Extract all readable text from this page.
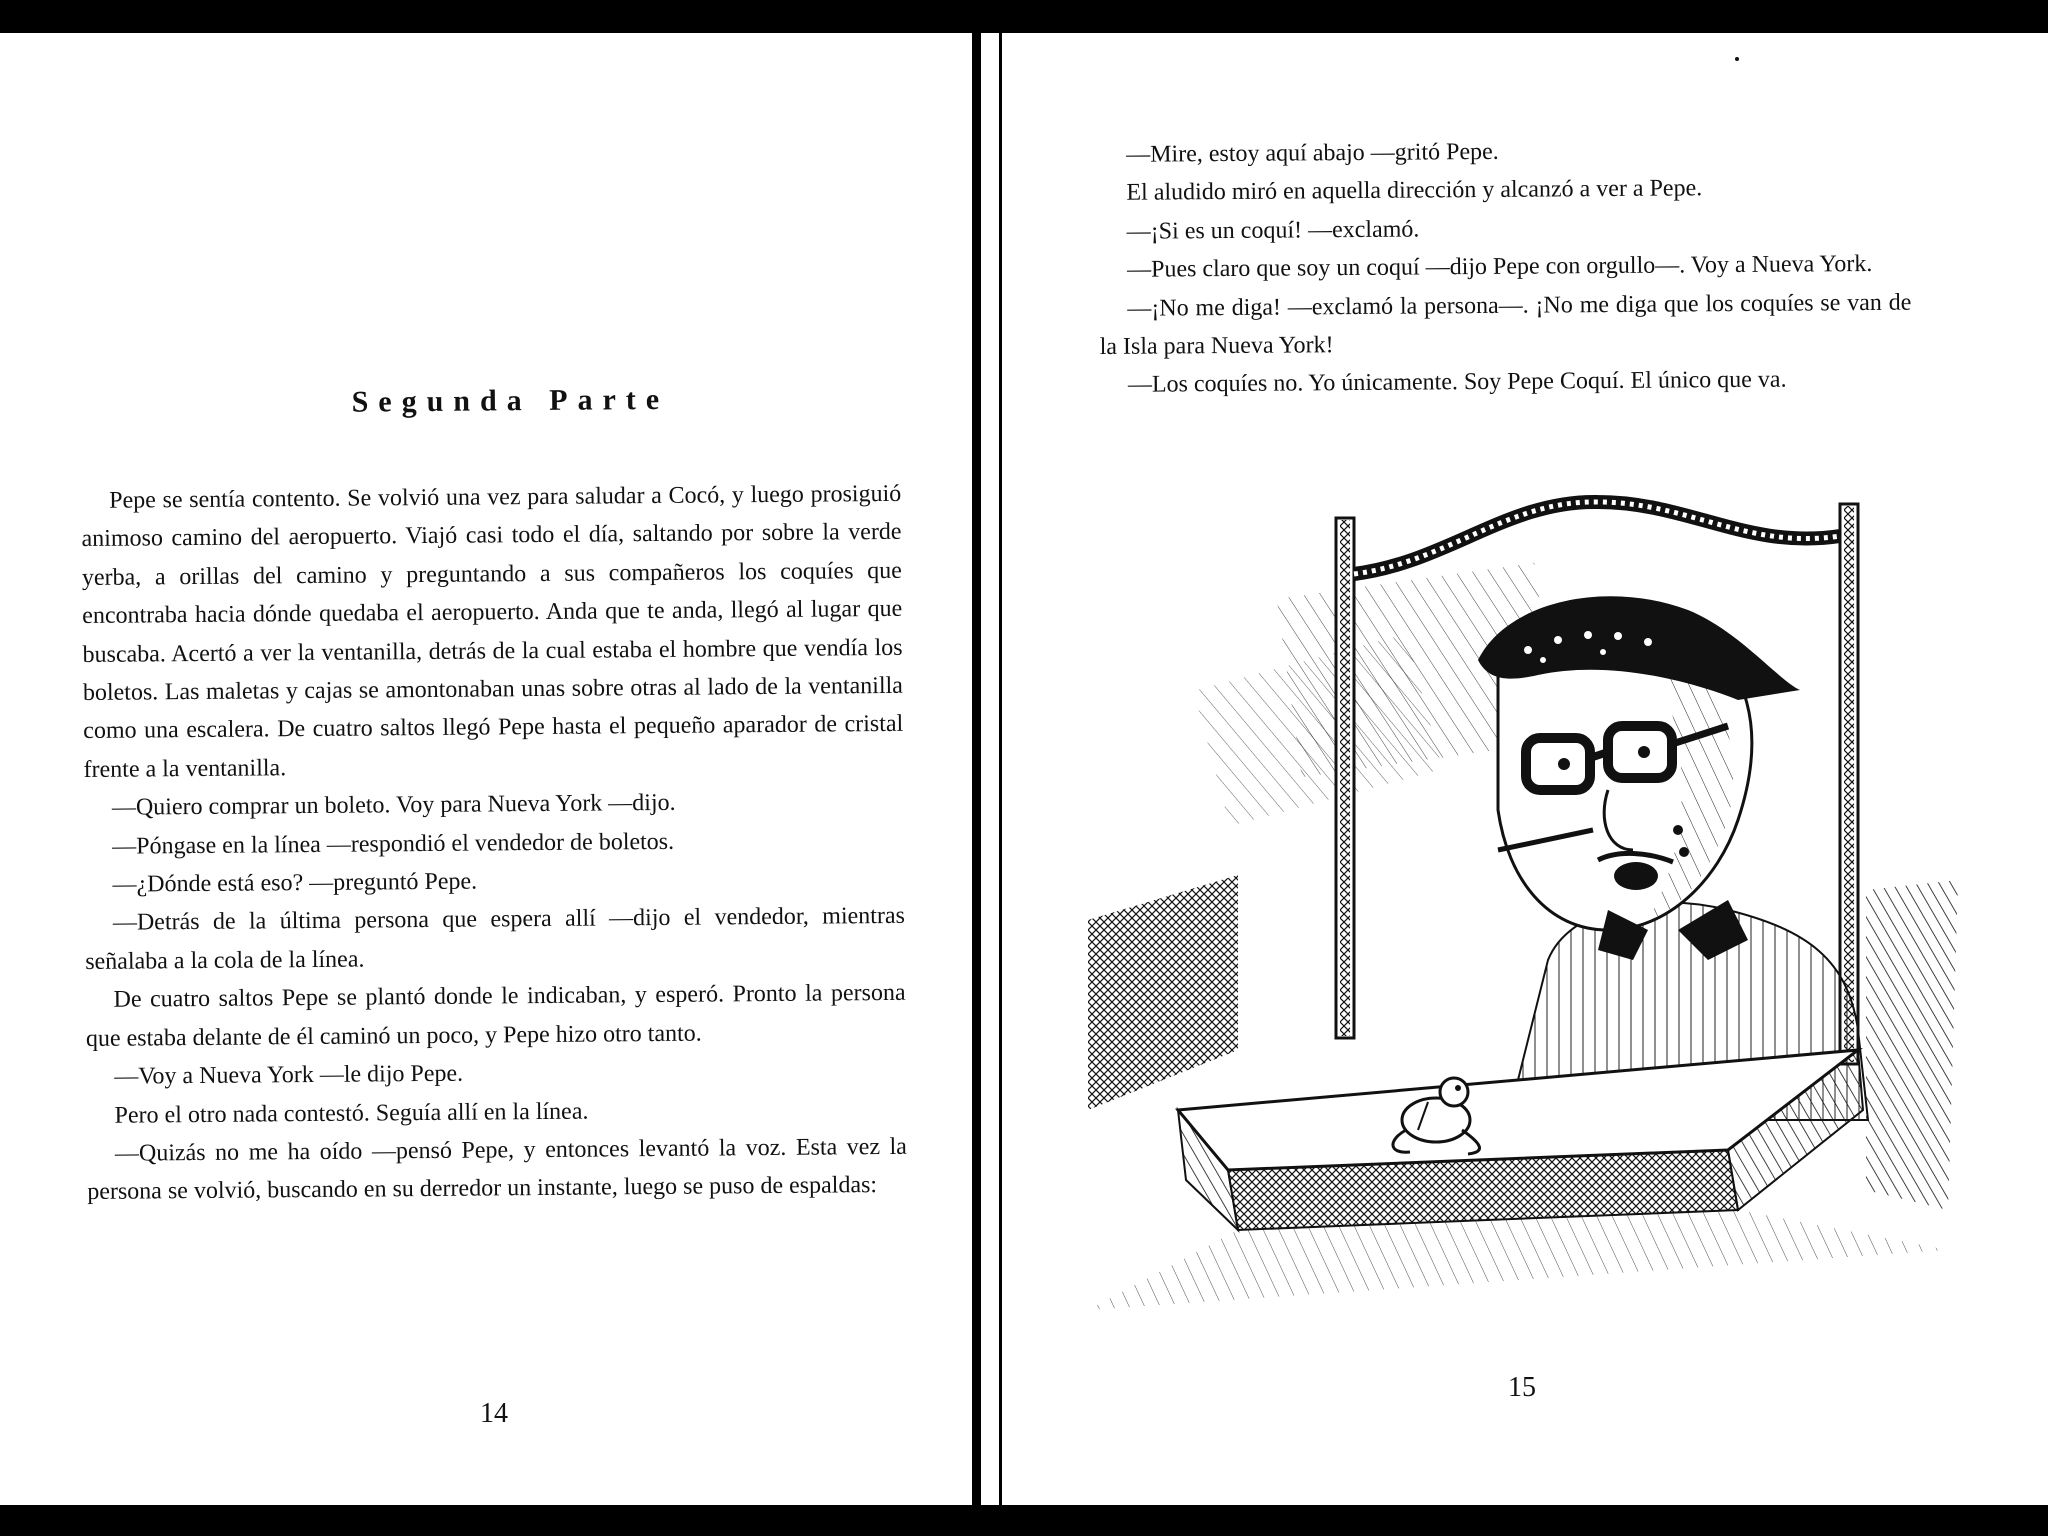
Segunda Parte

Pepe se sentía contento. Se volvió una vez para saludar a Cocó, y luego prosiguió animoso camino del aeropuerto. Viajó casi todo el día, saltando por sobre la verde yerba, a orillas del camino y preguntando a sus compañeros los coquíes que encontraba hacia dónde quedaba el aeropuerto. Anda que te anda, llegó al lugar que buscaba. Acertó a ver la ventanilla, detrás de la cual estaba el hombre que vendía los boletos. Las maletas y cajas se amontonaban unas sobre otras al lado de la ventanilla como una escalera. De cuatro saltos llegó Pepe hasta el pequeño aparador de cristal frente a la ventanilla.

—Quiero comprar un boleto. Voy para Nueva York —dijo.

—Póngase en la línea —respondió el vendedor de boletos.

—¿Dónde está eso? —preguntó Pepe.

—Detrás de la última persona que espera allí —dijo el vendedor, mientras señalaba a la cola de la línea.

De cuatro saltos Pepe se plantó donde le indicaban, y esperó. Pronto la persona que estaba delante de él caminó un poco, y Pepe hizo otro tanto.

—Voy a Nueva York —le dijo Pepe.

Pero el otro nada contestó. Seguía allí en la línea.

—Quizás no me ha oído —pensó Pepe, y entonces levantó la voz. Esta vez la persona se volvió, buscando en su derredor un instante, luego se puso de espaldas:

14

—Mire, estoy aquí abajo —gritó Pepe.

El aludido miró en aquella dirección y alcanzó a ver a Pepe.

—¡Si es un coquí! —exclamó.

—Pues claro que soy un coquí —dijo Pepe con orgullo—. Voy a Nueva York.

—¡No me diga! —exclamó la persona—. ¡No me diga que los coquíes se van de la Isla para Nueva York!

—Los coquíes no. Yo únicamente. Soy Pepe Coquí. El único que va.

15
